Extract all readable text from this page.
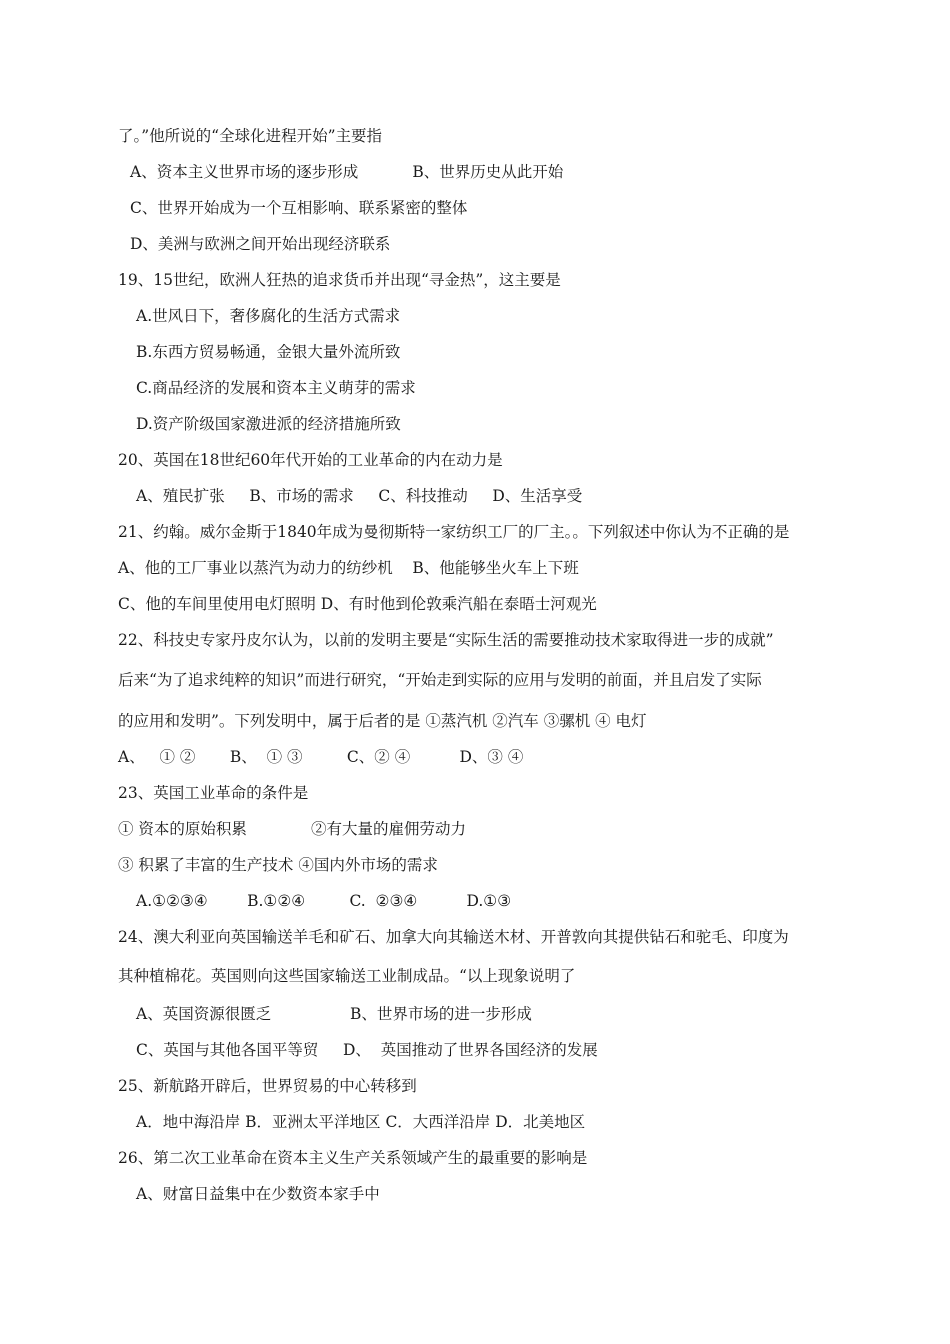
了。”他所说的“全球化进程开始”主要指
A、资本主义世界市场的逐步形成           B、世界历史从此开始
C、世界开始成为一个互相影响、联系紧密的整体
D、美洲与欧洲之间开始出现经济联系
19、15世纪，欧洲人狂热的追求货币并出现“寻金热”，这主要是
A.世风日下，奢侈腐化的生活方式需求
B.东西方贸易畅通，金银大量外流所致
C.商品经济的发展和资本主义萌芽的需求
D.资产阶级国家激进派的经济措施所致
20、英国在18世纪60年代开始的工业革命的内在动力是
A、殖民扩张     B、市场的需求     C、科技推动     D、生活享受
21、约翰。威尔金斯于1840年成为曼彻斯特一家纺织工厂的厂主。。下列叙述中你认为不正确的是
A、他的工厂事业以蒸汽为动力的纺纱机    B、他能够坐火车上下班
C、他的车间里使用电灯照明 D、有时他到伦敦乘汽船在泰晤士河观光
22、科技史专家丹皮尔认为，以前的发明主要是“实际生活的需要推动技术家取得进一步的成就”
后来“为了追求纯粹的知识”而进行研究，“开始走到实际的应用与发明的前面，并且启发了实际
的应用和发明”。下列发明中，属于后者的是 ①蒸汽机 ②汽车 ③骡机 ④ 电灯
A、   ① ②       B、  ① ③         C、② ④          D、③ ④
23、英国工业革命的条件是
① 资本的原始积累             ②有大量的雇佣劳动力
③ 积累了丰富的生产技术 ④国内外市场的需求
A.①②③④        B.①②④         C.  ②③④          D.①③
24、澳大利亚向英国输送羊毛和矿石、加拿大向其输送木材、开普敦向其提供钻石和驼毛、印度为
其种植棉花。英国则向这些国家输送工业制成品。“以上现象说明了
A、英国资源很匮乏                B、世界市场的进一步形成
C、英国与其他各国平等贸     D、  英国推动了世界各国经济的发展
25、新航路开辟后，世界贸易的中心转移到
A．地中海沿岸 B．亚洲太平洋地区 C．大西洋沿岸 D．北美地区
26、第二次工业革命在资本主义生产关系领域产生的最重要的影响是
A、财富日益集中在少数资本家手中
